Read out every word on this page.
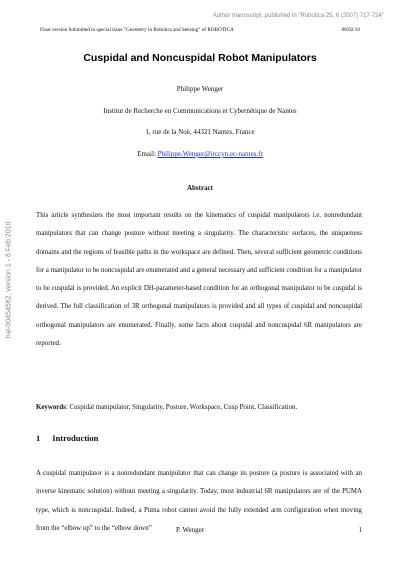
Author manuscript, published in "Robotica 25, 6 (2007) 717-724"
Final version Submitted to special issue "Geometry in Robotics and Sensing" of ROBOTICA	08/02/10
hal-00454562, version 1 - 8 Feb 2010
Cuspidal and Noncuspidal Robot Manipulators
Philippe Wenger
Institut de Recherche en Communications et Cybernétique de Nantes
1, rue de la Noë, 44321 Nantes, France
Email: Philippe.Wenger@irccyn.ec-nantes.fr
Abstract

This article synthesizes the most important results on the kinematics of cuspidal manipulators i.e. nonredundant manipulators that can change posture without meeting a singularity. The characteristic surfaces, the uniqueness domains and the regions of feasible paths in the workspace are defined. Then, several sufficient geometric conditions for a manipulator to be noncuspidal are enumerated and a general necessary and sufficient condition for a manipulator to be cuspidal is provided. An explicit DH-parameter-based condition for an orthogonal manipulator to be cuspidal is derived. The full classification of 3R orthogonal manipulators is provided and all types of cuspidal and noncuspidal orthogonal manipulators are enumerated. Finally, some facts about cuspidal and noncuspidal 6R manipulators are reported.

Keywords: Cuspidal manipulator, Singularity, Posture, Workspace, Cusp Point, Classification.

1 Introduction

A cuspidal manipulator is a nonredundant manipulator that can change its posture (a posture is associated with an inverse kinematic solution) without meeting a singularity. Today, most industrial 6R manipulators are of the PUMA type, which is noncuspidal. Indeed, a Puma robot cannot avoid the fully extended arm configuration when moving from the “elbow up” to the “elbow down”	P. Wenger	1
